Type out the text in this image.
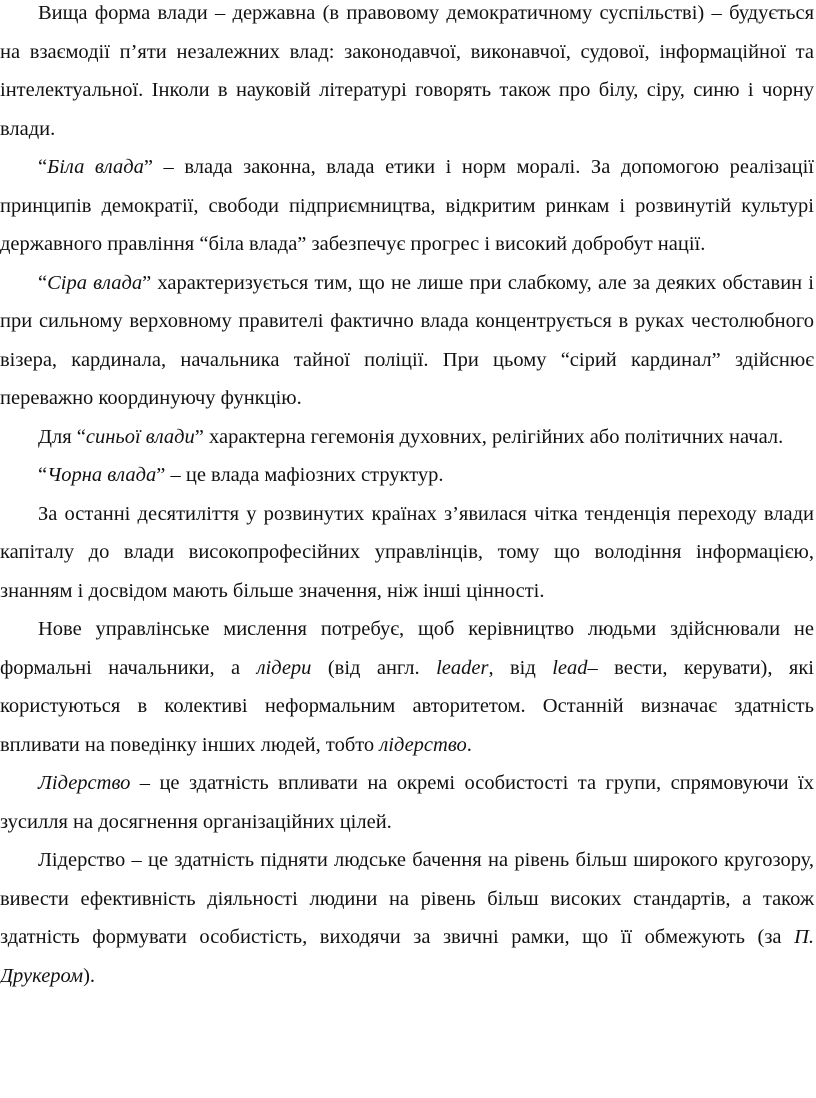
Вища форма влади – державна (в правовому демократичному суспільстві) – будується на взаємодії п’яти незалежних влад: законодавчої, виконавчої, судової, інформаційної та інтелектуальної. Інколи в науковій літературі говорять також про білу, сіру, синю і чорну влади.

“Біла влада” – влада законна, влада етики і норм моралі. За допомогою реалізації принципів демократії, свободи підприємництва, відкритим ринкам і розвинутій культурі державного правління “біла влада” забезпечує прогрес і високий добробут нації.

“Сіра влада” характеризується тим, що не лише при слабкому, але за деяких обставин і при сильному верховному правителі фактично влада концентрується в руках честолюбного візера, кардинала, начальника тайної поліції. При цьому “сірий кардинал” здійснює переважно координуючу функцію.

Для “синьої влади” характерна гегемонія духовних, релігійних або політичних начал.

“Чорна влада” – це влада мафіозних структур.

За останні десятиліття у розвинутих країнах з’явилася чітка тенденція переходу влади капіталу до влади високопрофесійних управлінців, тому що володіння інформацією, знанням і досвідом мають більше значення, ніж інші цінності.

Нове управлінське мислення потребує, щоб керівництво людьми здійснювали не формальні начальники, а лідери (від англ. leader, від lead– вести, керувати), які користуються в колективі неформальним авторитетом. Останній визначає здатність впливати на поведінку інших людей, тобто лідерство.

Лідерство – це здатність впливати на окремі особистості та групи, спрямовуючи їх зусилля на досягнення організаційних цілей.

Лідерство – це здатність підняти людське бачення на рівень більш широкого кругозору, вивести ефективність діяльності людини на рівень більш високих стандартів, а також здатність формувати особистість, виходячи за звичні рамки, що її обмежують (за П. Друкером).
